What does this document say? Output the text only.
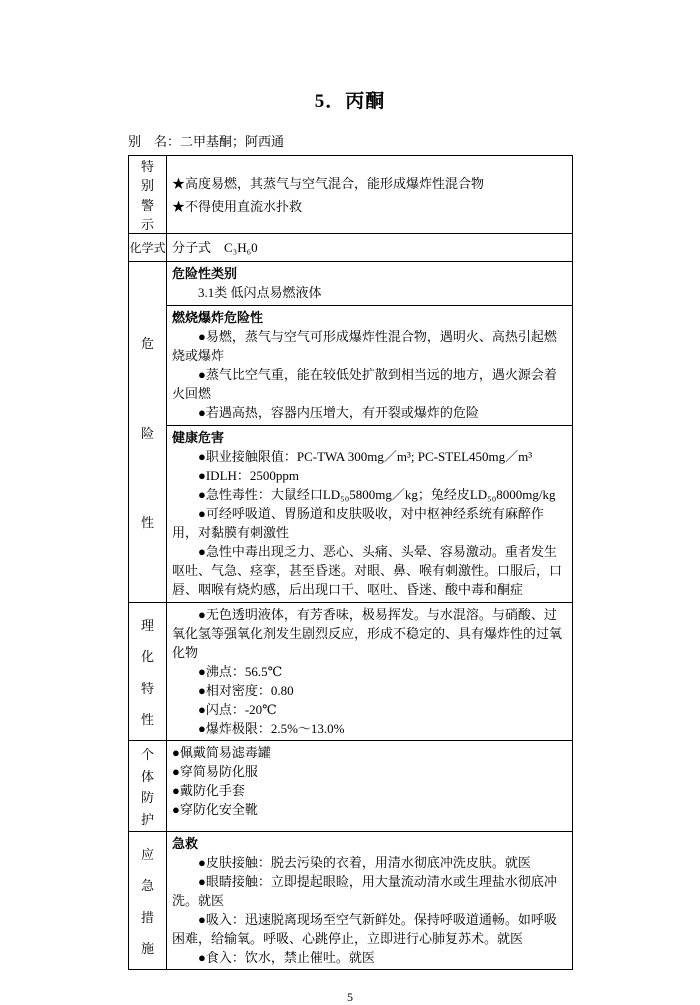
5．丙酮
别　名：二甲基酮；阿西通
特
别
警
示

★高度易燃，其蒸气与空气混合，能形成爆炸性混合物

★不得使用直流水扑救

化学式 分子式　C₃H₆0

危
险
性

危险性类别

3.1类 低闪点易燃液体

燃烧爆炸危险性

●易燃，蒸气与空气可形成爆炸性混合物，遇明火、高热引起燃烧或爆炸

●蒸气比空气重，能在较低处扩散到相当远的地方，遇火源会着火回燃

●若遇高热，容器内压增大，有开裂或爆炸的危险

健康危害

●职业接触限值：PC-TWA 300mg／m³; PC-STEL450mg／m³

●IDLH：2500ppm

●急性毒性：大鼠经口LD₅₀5800mg／kg；兔经皮LD₅₀8000mg/kg

●可经呼吸道、胃肠道和皮肤吸收，对中枢神经系统有麻醉作用，对黏膜有刺激性

●急性中毒出现乏力、恶心、头痛、头晕、容易激动。重者发生呕吐、气急、痉挛，甚至昏迷。对眼、鼻、喉有刺激性。口服后，口唇、咽喉有烧灼感，后出现口干、呕吐、昏迷、酸中毒和酮症

理
化
特
性

●无色透明液体，有芳香味，极易挥发。与水混溶。与硝酸、过氧化氢等强氧化剂发生剧烈反应，形成不稳定的、具有爆炸性的过氧化物

●沸点：56.5℃

●相对密度：0.80

●闪点：-20℃

●爆炸极限：2.5%～13.0%

个
体
防
护

●佩戴简易滤毒罐

●穿简易防化服

●戴防化手套

●穿防化安全靴

应
急
措
施

急救

●皮肤接触：脱去污染的衣着，用清水彻底冲洗皮肤。就医

●眼睛接触：立即提起眼睑，用大量流动清水或生理盐水彻底冲洗。就医

●吸入：迅速脱离现场至空气新鲜处。保持呼吸道通畅。如呼吸困难，给输氧。呼吸、心跳停止，立即进行心肺复苏术。就医

●食入：饮水，禁止催吐。就医

5
